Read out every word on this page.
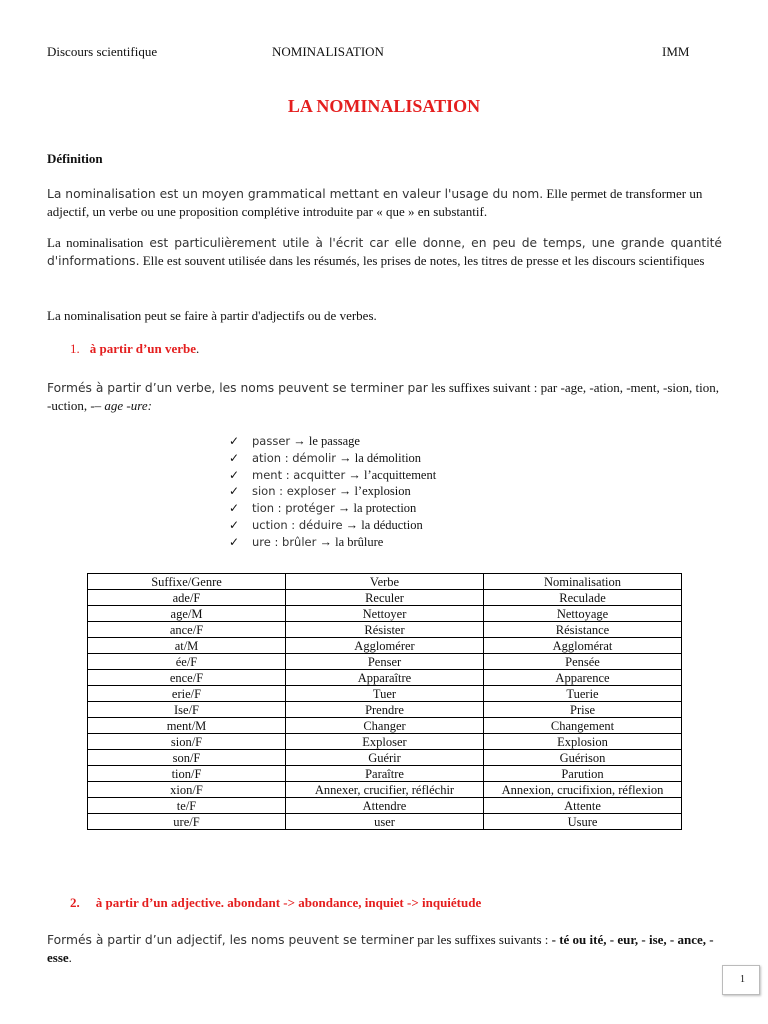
Discours scientifique	NOMINALISATION	IMM
LA NOMINALISATION
Définition
La nominalisation est un moyen grammatical mettant en valeur l'usage du nom. Elle permet de transformer un adjectif, un verbe ou une proposition complétive introduite par « que » en substantif.
La nominalisation est particulièrement utile à l'écrit car elle donne, en peu de temps, une grande quantité d'informations. Elle est souvent utilisée dans les résumés, les prises de notes, les titres de presse et les discours scientifiques
La nominalisation peut se faire à partir d'adjectifs ou de verbes.
1. à partir d’un verbe.
Formés à partir d’un verbe, les noms peuvent se terminer par les suffixes suivant : par -age, -ation, -ment, -sion, tion, -uction, -– age -ure:
✓ passer → le passage
✓ ation : démolir → la démolition
✓ ment : acquitter → l’acquittement
✓ sion : exploser → l’explosion
✓ tion : protéger → la protection
✓ uction : déduire → la déduction
✓ ure : brûler → la brûlure
Suffixe/Genre	Verbe	Nominalisation
ade/F	Reculer	Reculade
age/M	Nettoyer	Nettoyage
ance/F	Résister	Résistance
at/M	Agglomérer	Agglomérat
ée/F	Penser	Pensée
ence/F	Apparaître	Apparence
erie/F	Tuer	Tuerie
Ise/F	Prendre	Prise
ment/M	Changer	Changement
sion/F	Exploser	Explosion
son/F	Guérir	Guérison
tion/F	Paraître	Parution
xion/F	Annexer, crucifier, réfléchir	Annexion, crucifixion, réflexion
te/F	Attendre	Attente
ure/F	user	Usure
2. à partir d’un adjective. abondant -> abondance, inquiet -> inquiétude
Formés à partir d’un adjectif, les noms peuvent se terminer par les suffixes suivants : - té ou ité, - eur, - ise, - ance, - esse.
1
